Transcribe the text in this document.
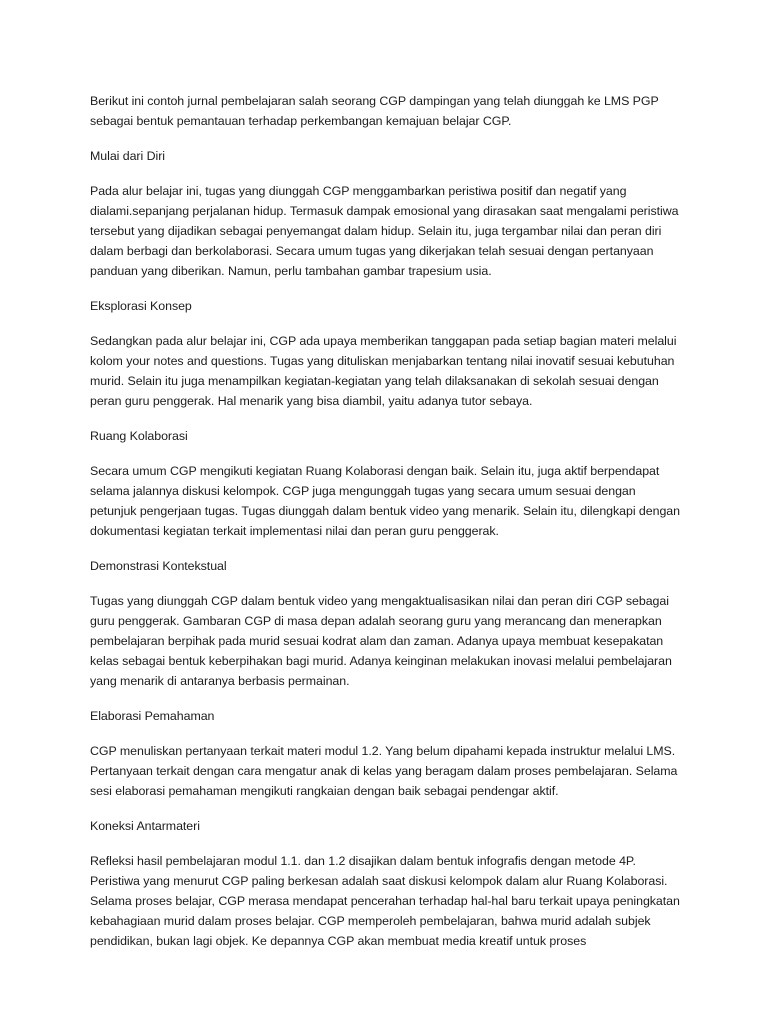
Berikut ini contoh jurnal pembelajaran salah seorang CGP dampingan yang telah diunggah ke LMS PGP sebagai bentuk pemantauan terhadap perkembangan kemajuan belajar CGP.

Mulai dari Diri

Pada alur belajar ini, tugas yang diunggah CGP menggambarkan peristiwa positif dan negatif yang dialami.sepanjang perjalanan hidup. Termasuk dampak emosional yang dirasakan saat mengalami peristiwa tersebut yang dijadikan sebagai penyemangat dalam hidup. Selain itu, juga tergambar nilai dan peran diri dalam berbagi dan berkolaborasi. Secara umum tugas yang dikerjakan telah sesuai dengan pertanyaan panduan yang diberikan. Namun, perlu tambahan gambar trapesium usia.

Eksplorasi Konsep

Sedangkan pada alur belajar ini, CGP ada upaya memberikan tanggapan pada setiap bagian materi melalui kolom your notes and questions. Tugas yang dituliskan menjabarkan tentang nilai inovatif sesuai kebutuhan murid. Selain itu juga menampilkan kegiatan-kegiatan yang telah dilaksanakan di sekolah sesuai dengan peran guru penggerak. Hal menarik yang bisa diambil, yaitu adanya tutor sebaya.

Ruang Kolaborasi

Secara umum CGP mengikuti kegiatan Ruang Kolaborasi dengan baik. Selain itu, juga aktif berpendapat selama jalannya diskusi kelompok. CGP juga mengunggah tugas yang secara umum sesuai dengan petunjuk pengerjaan tugas. Tugas diunggah dalam bentuk video yang menarik. Selain itu, dilengkapi dengan dokumentasi kegiatan terkait implementasi nilai dan peran guru penggerak.

Demonstrasi Kontekstual

Tugas yang diunggah CGP dalam bentuk video yang mengaktualisasikan nilai dan peran diri CGP sebagai guru penggerak. Gambaran CGP di masa depan adalah seorang guru yang merancang dan menerapkan pembelajaran berpihak pada murid sesuai kodrat alam dan zaman. Adanya upaya membuat kesepakatan kelas sebagai bentuk keberpihakan bagi murid. Adanya keinginan melakukan inovasi melalui pembelajaran yang menarik di antaranya berbasis permainan.

Elaborasi Pemahaman

CGP menuliskan pertanyaan terkait materi modul 1.2. Yang belum dipahami kepada instruktur melalui LMS. Pertanyaan terkait dengan cara mengatur anak di kelas yang beragam dalam proses pembelajaran. Selama sesi elaborasi pemahaman mengikuti rangkaian dengan baik sebagai pendengar aktif.

Koneksi Antarmateri

Refleksi hasil pembelajaran modul 1.1. dan 1.2 disajikan dalam bentuk infografis dengan metode 4P. Peristiwa yang menurut CGP paling berkesan adalah saat diskusi kelompok dalam alur Ruang Kolaborasi. Selama proses belajar, CGP merasa mendapat pencerahan terhadap hal-hal baru terkait upaya peningkatan kebahagiaan murid dalam proses belajar. CGP memperoleh pembelajaran, bahwa murid adalah subjek pendidikan, bukan lagi objek. Ke depannya CGP akan membuat media kreatif untuk proses
